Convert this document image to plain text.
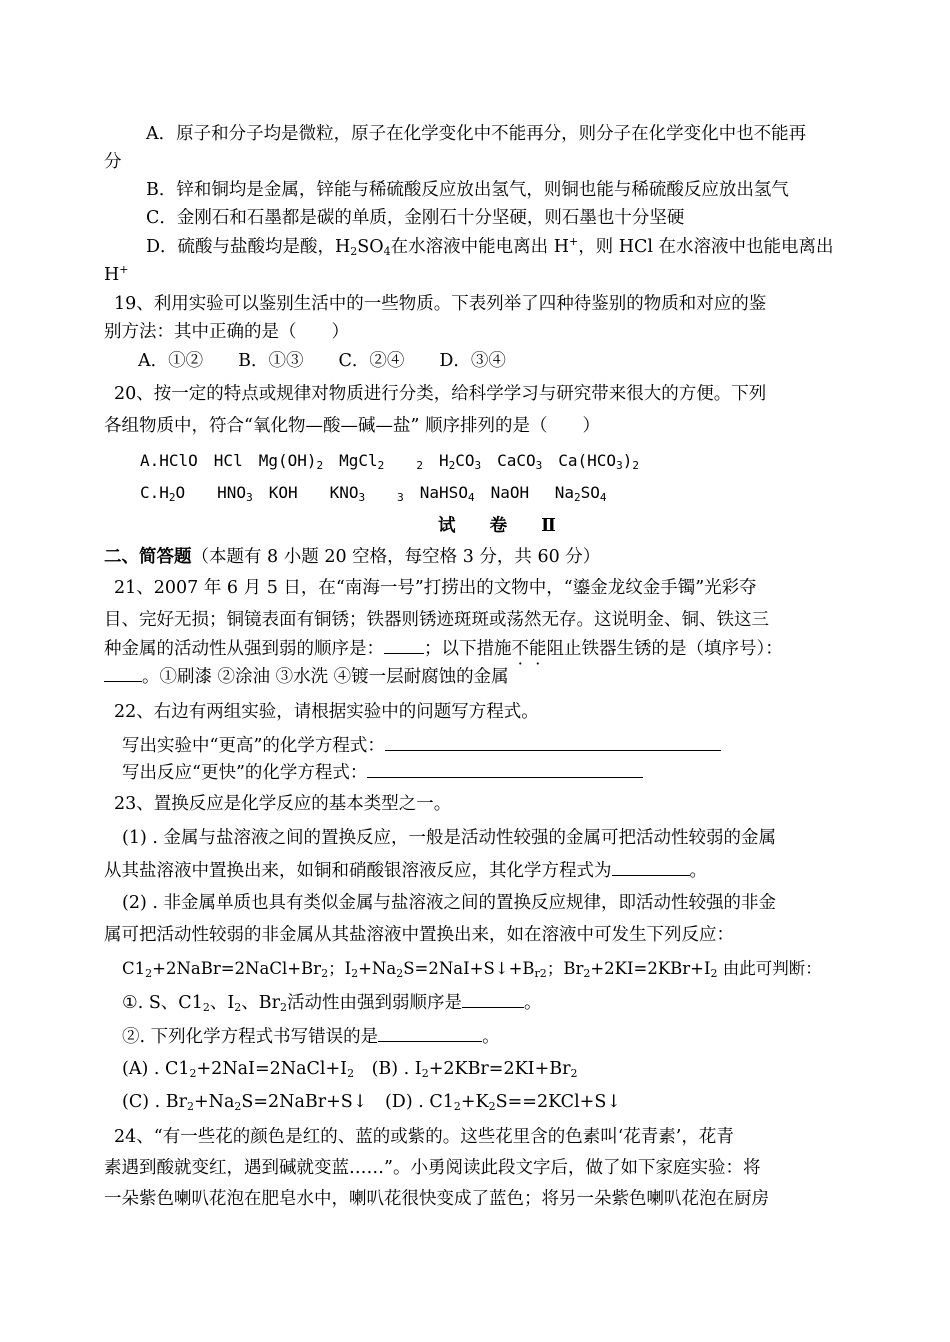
A．原子和分子均是微粒，原子在化学变化中不能再分，则分子在化学变化中也不能再
分
B．锌和铜均是金属，锌能与稀硫酸反应放出氢气，则铜也能与稀硫酸反应放出氢气
C．金刚石和石墨都是碳的单质，金刚石十分坚硬，则石墨也十分坚硬
D．硫酸与盐酸均是酸，$H_2SO_4$在水溶液中能电离出 H+，则 HCl 在水溶液中也能电离出
H+
19、利用实验可以鉴别生活中的一些物质。下表列举了四种待鉴别的物质和对应的鉴
别方法：其中正确的是（　　）
A．①②　　B．①③　　C．②④　　D．③④
20、按一定的特点或规律对物质进行分类，给科学学习与研究带来很大的方便。下列
各组物质中，符合“氧化物—酸—碱—盐” 顺序排列的是（　　）
A.HClO　HCl　$Mg(OH)_2$　MgCl$_2$　　	$_2$　$H_2CO_3$　CaCO$_3$　$Ca(HCO_3)_2$
$C.H_2O$　　$HNO_3$　KOH　　$KNO_3$　　	$_3$　NaHSO$_4$　NaOH　 $Na_2SO_4$
试 卷 Ⅱ
二、简答题（本题有 8 小题 20 空格，每空格 3 分，共 60 分）
21、2007 年 6 月 5 日，在“南海一号”打捞出的文物中，“鎏金龙纹金手镯”光彩夺
目、完好无损；铜镜表面有铜锈；铁器则锈迹斑斑或荡然无存。这说明金、铜、铁这三
种金属的活动性从强到弱的顺序是： ；以下措施不能阻止铁器生锈的是（填序号）：
。①刷漆 ②涂油 ③水洗 ④镀一层耐腐蚀的金属
22、右边有两组实验，请根据实验中的问题写方程式。
写出实验中“更高”的化学方程式：
写出反应“更快”的化学方程式：
23、置换反应是化学反应的基本类型之一。
(1) . 金属与盐溶液之间的置换反应，一般是活动性较强的金属可把活动性较弱的金属
从其盐溶液中置换出来，如铜和硝酸银溶液反应，其化学方程式为	。
(2) . 非金属单质也具有类似金属与盐溶液之间的置换反应规律，即活动性较强的非金
属可把活动性较弱的非金属从其盐溶液中置换出来，如在溶液中可发生下列反应：
$C1_2+2NaBr=2NaCl+Br_2$；$I_2+Na_2S=2NaI+S↓+B_{r2}$；$Br_2+2KI=2KBr+I_2$ 由此可判断：
①. S、$C1_2$、$I_2$、$Br_2$活动性由强到弱顺序是	。
②. 下列化学方程式书写错误的是	。
(A) . $C1_2+2NaI=2NaCl+I_2$　(B) . $I_2+2KBr=2KI+Br_2$
(C) . $Br_2+Na_2S=2NaBr+S↓$　(D) . $C1_2+K_2S==2KCl+S↓$
24、“有一些花的颜色是红的、蓝的或紫的。这些花里含的色素叫‘花青素’，花青
素遇到酸就变红，遇到碱就变蓝……”。小勇阅读此段文字后，做了如下家庭实验：将
一朵紫色喇叭花泡在肥皂水中，喇叭花很快变成了蓝色；将另一朵紫色喇叭花泡在厨房
